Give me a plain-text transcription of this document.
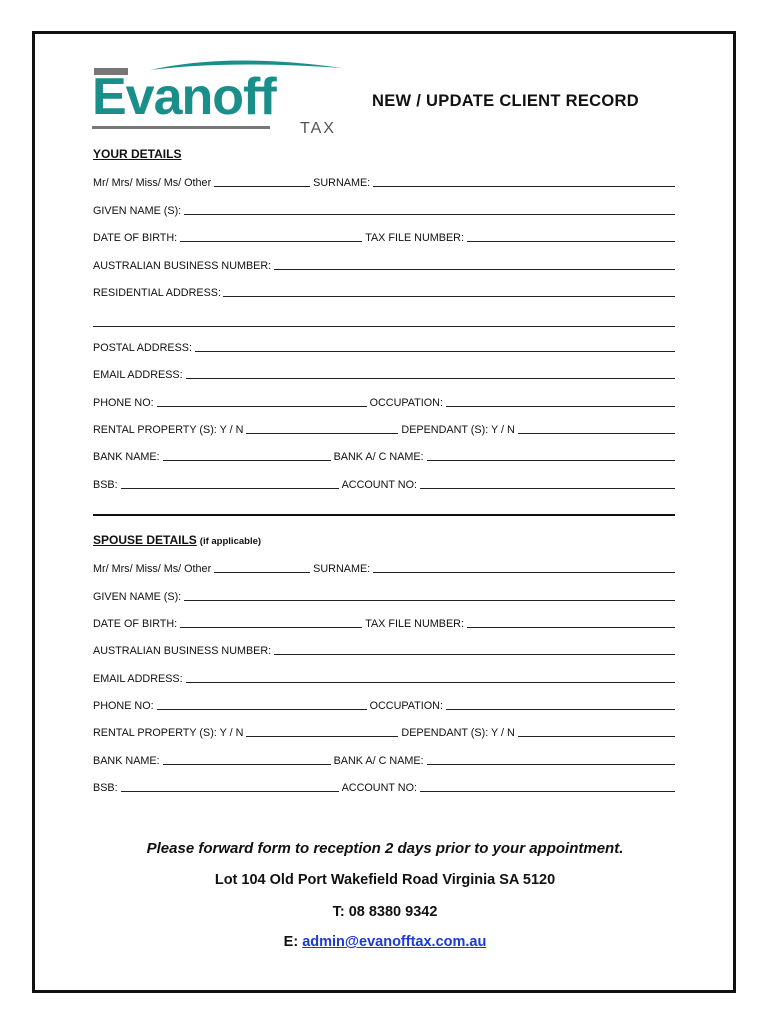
Evanoff
TAX
NEW / UPDATE CLIENT RECORD
YOUR DETAILS
Mr/ Mrs/ Miss/ Ms/ Other	SURNAME:
GIVEN NAME (S):
DATE OF BIRTH:	TAX FILE NUMBER:
AUSTRALIAN BUSINESS NUMBER:
RESIDENTIAL ADDRESS:
POSTAL ADDRESS:
EMAIL ADDRESS:
PHONE NO:	OCCUPATION:
RENTAL PROPERTY (S): Y / N	DEPENDANT (S): Y / N
BANK NAME:	BANK A/ C NAME:
BSB:	ACCOUNT NO:
SPOUSE DETAILS (if applicable)
Mr/ Mrs/ Miss/ Ms/ Other	SURNAME:
GIVEN NAME (S):
DATE OF BIRTH:	TAX FILE NUMBER:
AUSTRALIAN BUSINESS NUMBER:
EMAIL ADDRESS:
PHONE NO:	OCCUPATION:
RENTAL PROPERTY (S): Y / N	DEPENDANT (S): Y / N
BANK NAME:	BANK A/ C NAME:
BSB:	ACCOUNT NO:
Please forward form to reception 2 days prior to your appointment.
Lot 104 Old Port Wakefield Road Virginia SA 5120
T: 08 8380 9342
E: admin@evanofftax.com.au
